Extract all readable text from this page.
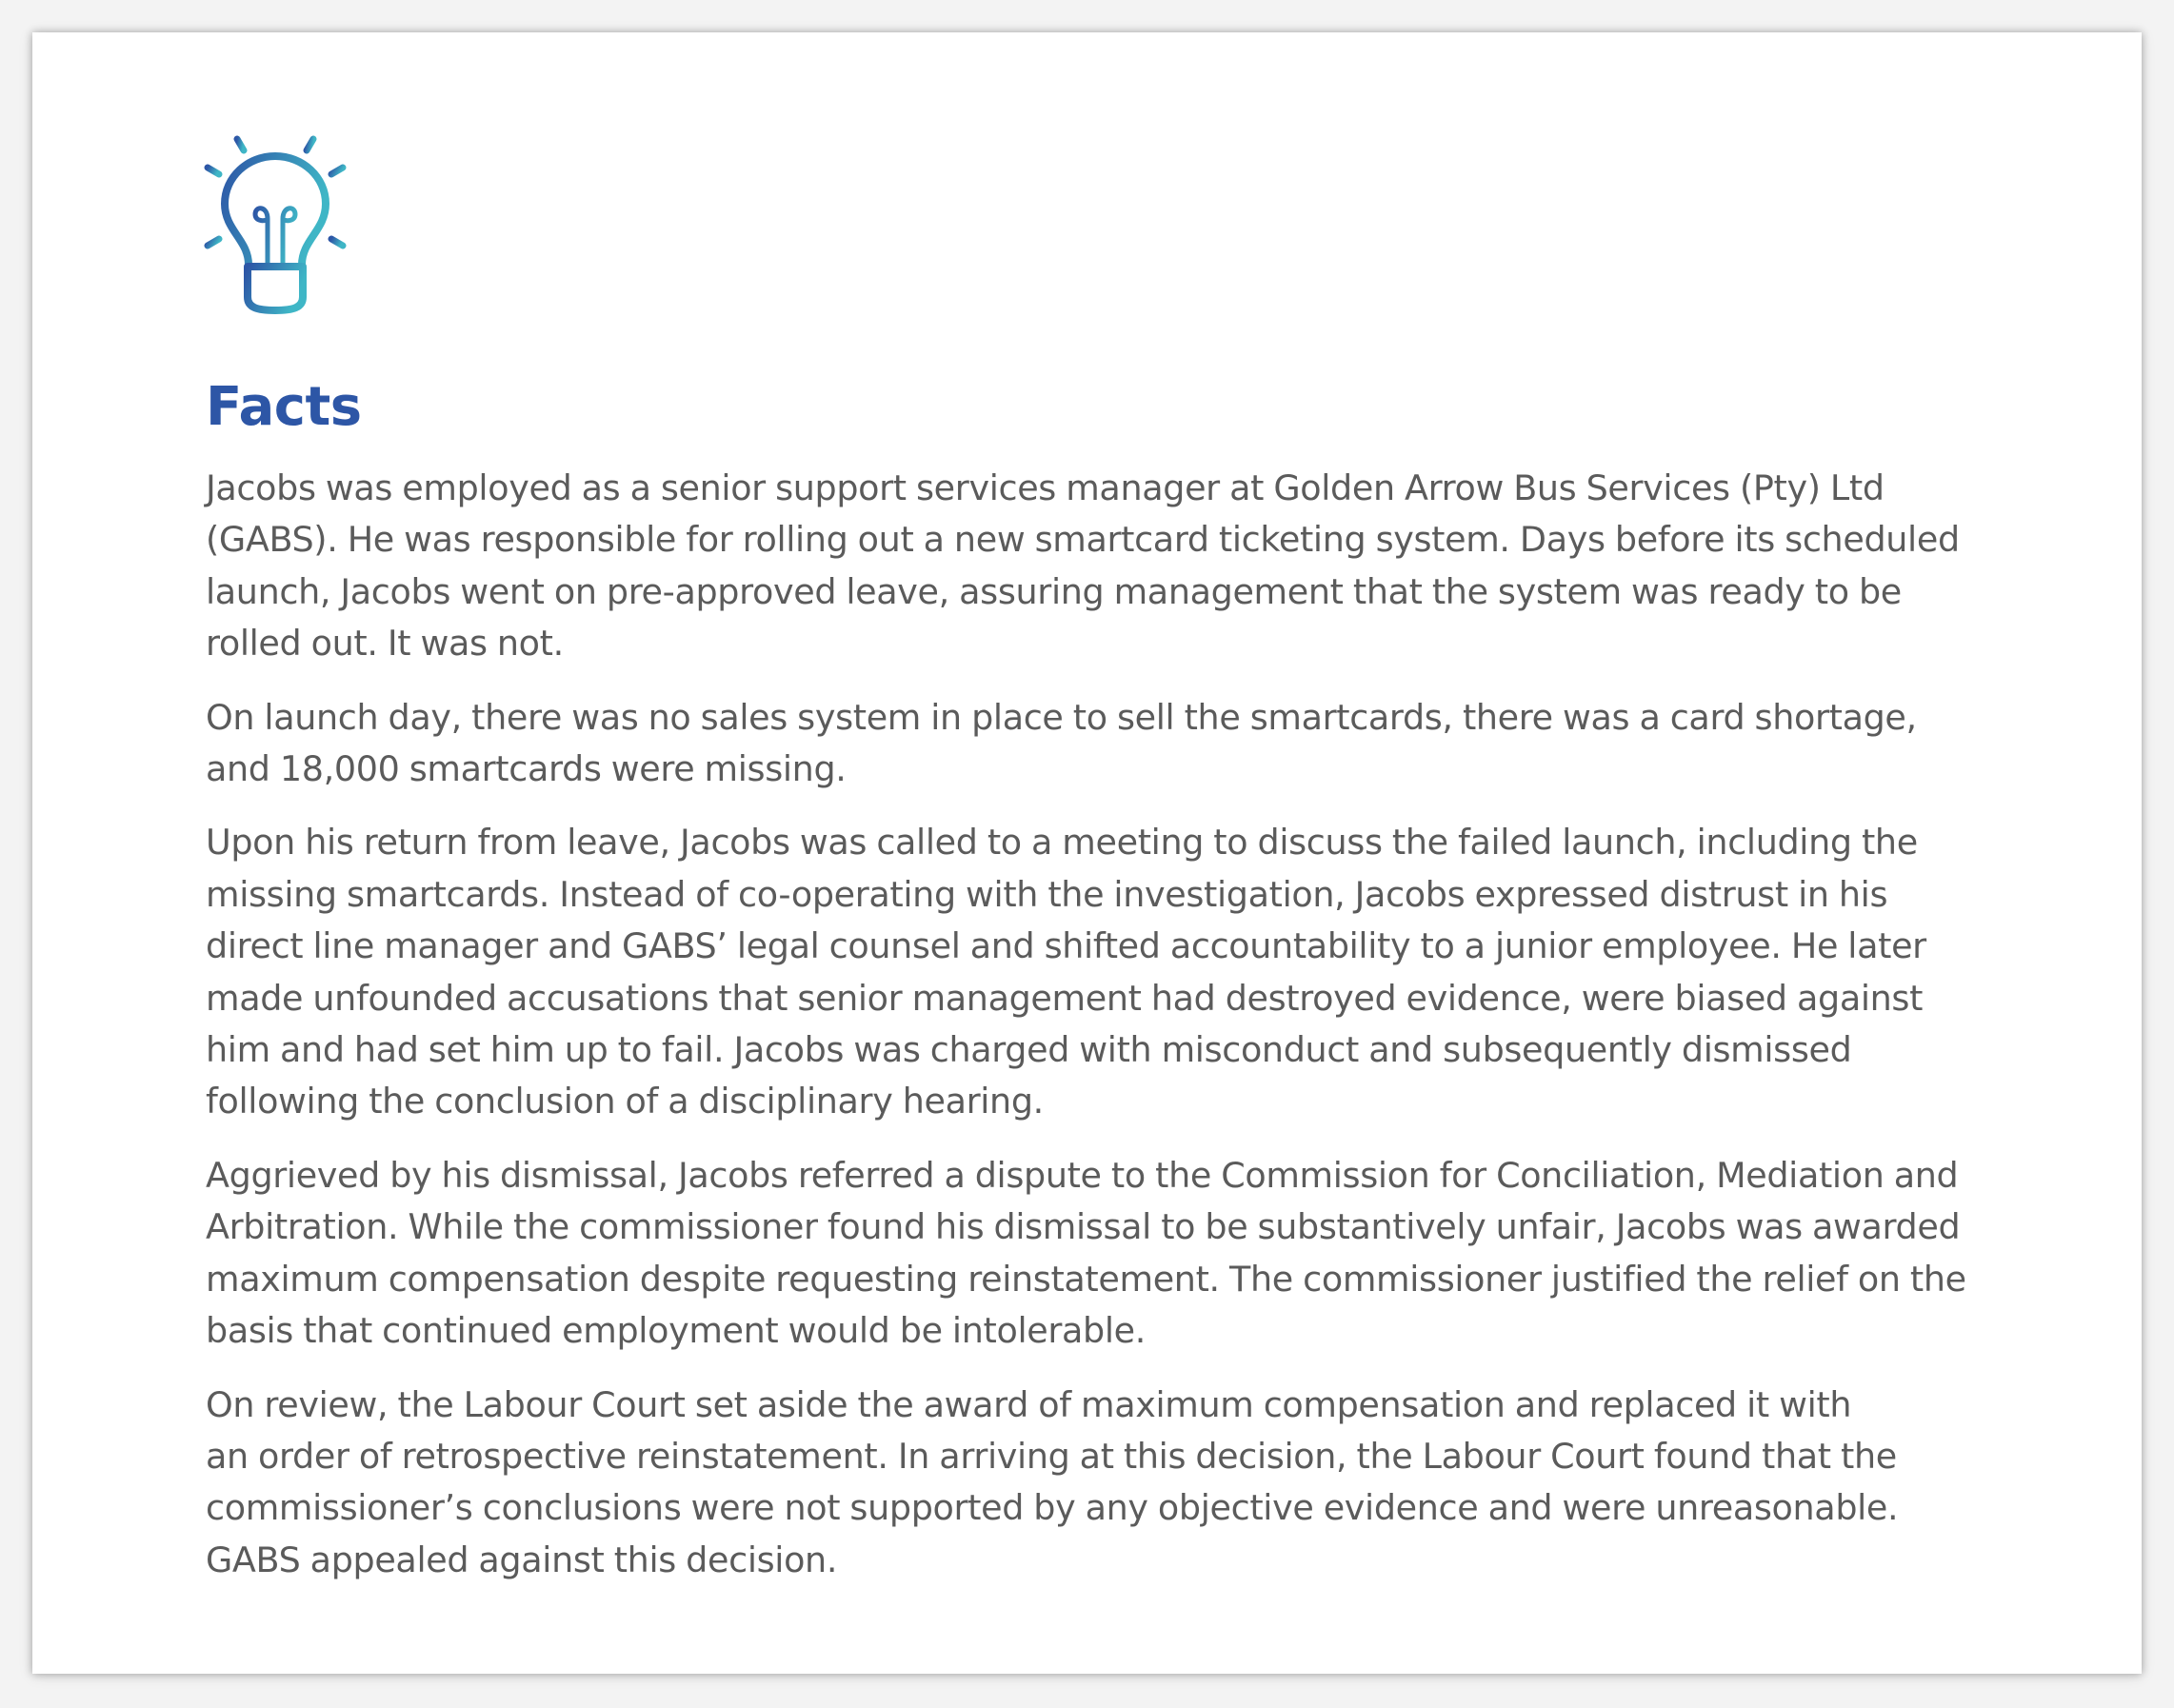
Facts

Jacobs was employed as a senior support services manager at Golden Arrow Bus Services (Pty) Ltd
(GABS). He was responsible for rolling out a new smartcard ticketing system. Days before its scheduled
launch, Jacobs went on pre-approved leave, assuring management that the system was ready to be
rolled out. It was not.

On launch day, there was no sales system in place to sell the smartcards, there was a card shortage,
and 18,000 smartcards were missing.

Upon his return from leave, Jacobs was called to a meeting to discuss the failed launch, including the
missing smartcards. Instead of co-operating with the investigation, Jacobs expressed distrust in his
direct line manager and GABS’ legal counsel and shifted accountability to a junior employee. He later
made unfounded accusations that senior management had destroyed evidence, were biased against
him and had set him up to fail. Jacobs was charged with misconduct and subsequently dismissed
following the conclusion of a disciplinary hearing.

Aggrieved by his dismissal, Jacobs referred a dispute to the Commission for Conciliation, Mediation and
Arbitration. While the commissioner found his dismissal to be substantively unfair, Jacobs was awarded
maximum compensation despite requesting reinstatement. The commissioner justified the relief on the
basis that continued employment would be intolerable.

On review, the Labour Court set aside the award of maximum compensation and replaced it with
an order of retrospective reinstatement. In arriving at this decision, the Labour Court found that the
commissioner’s conclusions were not supported by any objective evidence and were unreasonable.
GABS appealed against this decision.
